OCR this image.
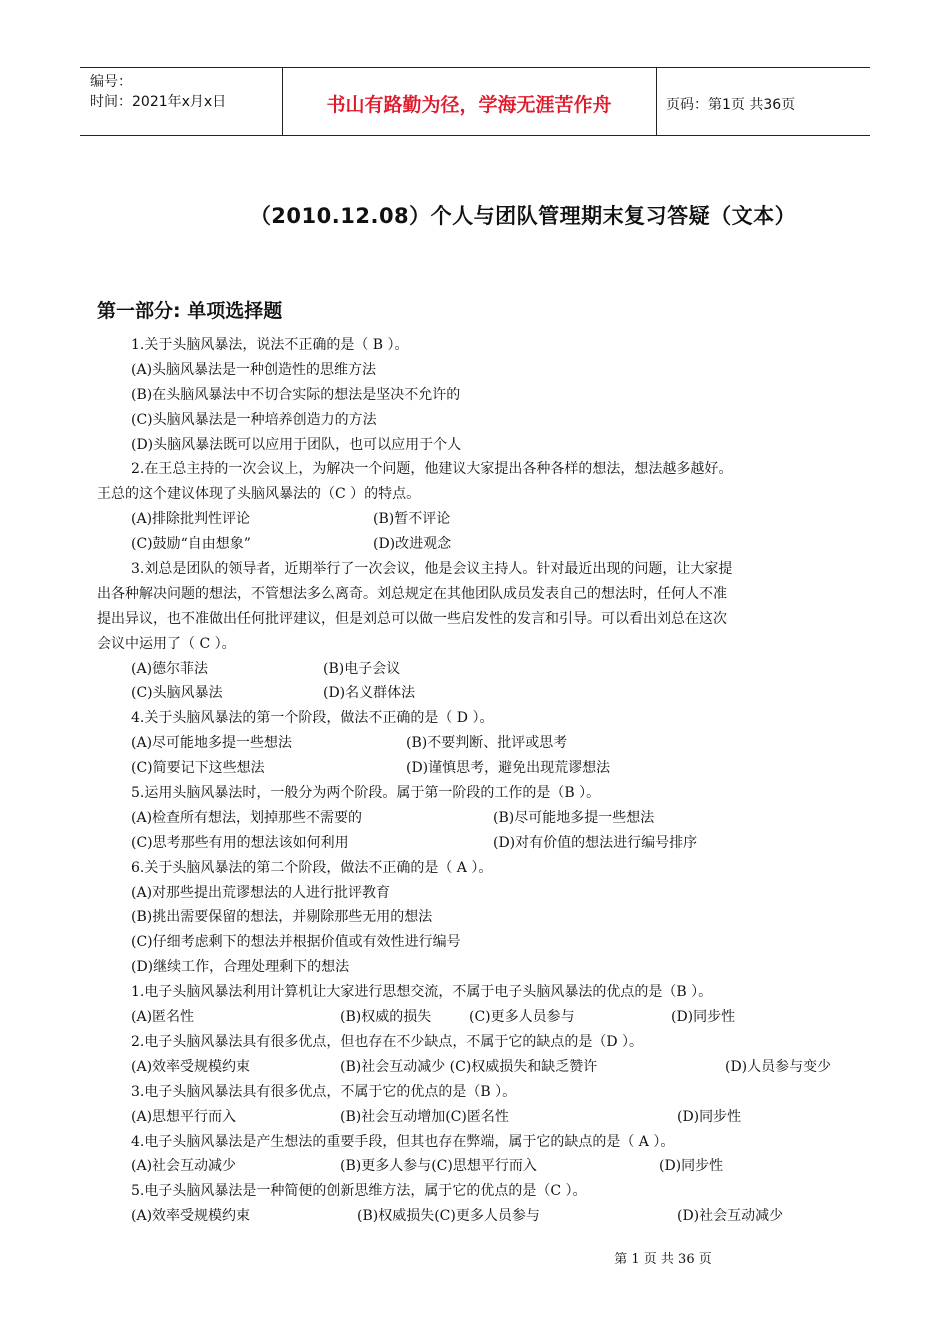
编号：
时间：2021年x月x日	书山有路勤为径，学海无涯苦作舟	页码：第1页 共36页
（2010.12.08）个人与团队管理期末复习答疑（文本）
第一部分: 单项选择题
1.关于头脑风暴法，说法不正确的是（ B ）。
(A)头脑风暴法是一种创造性的思维方法
(B)在头脑风暴法中不切合实际的想法是坚决不允许的
(C)头脑风暴法是一种培养创造力的方法
(D)头脑风暴法既可以应用于团队，也可以应用于个人
2.在王总主持的一次会议上，为解决一个问题，他建议大家提出各种各样的想法，想法越多越好。
王总的这个建议体现了头脑风暴法的（C ）的特点。
(A)排除批判性评论	(B)暂不评论
(C)鼓励“自由想象”	(D)改进观念
3.刘总是团队的领导者，近期举行了一次会议，他是会议主持人。针对最近出现的问题，让大家提
出各种解决问题的想法，不管想法多么离奇。刘总规定在其他团队成员发表自己的想法时，任何人不准
提出异议，也不准做出任何批评建议，但是刘总可以做一些启发性的发言和引导。可以看出刘总在这次
会议中运用了（ C ）。
(A)德尔菲法	(B)电子会议
(C)头脑风暴法	(D)名义群体法
4.关于头脑风暴法的第一个阶段，做法不正确的是（ D ）。
(A)尽可能地多提一些想法	(B)不要判断、批评或思考
(C)简要记下这些想法	(D)谨慎思考，避免出现荒谬想法
5.运用头脑风暴法时，一般分为两个阶段。属于第一阶段的工作的是（B ）。
(A)检查所有想法，划掉那些不需要的	(B)尽可能地多提一些想法
(C)思考那些有用的想法该如何利用	(D)对有价值的想法进行编号排序
6.关于头脑风暴法的第二个阶段，做法不正确的是（ A ）。
(A)对那些提出荒谬想法的人进行批评教育
(B)挑出需要保留的想法，并剔除那些无用的想法
(C)仔细考虑剩下的想法并根据价值或有效性进行编号
(D)继续工作，合理处理剩下的想法
1.电子头脑风暴法利用计算机让大家进行思想交流，不属于电子头脑风暴法的优点的是（B ）。
(A)匿名性	(B)权威的损失	(C)更多人员参与	(D)同步性
2.电子头脑风暴法具有很多优点，但也存在不少缺点，不属于它的缺点的是（D ）。
(A)效率受规模约束	(B)社会互动减少 (C)权威损失和缺乏赞许	(D)人员参与变少
3.电子头脑风暴法具有很多优点，不属于它的优点的是（B ）。
(A)思想平行而入	(B)社会互动增加(C)匿名性	(D)同步性
4.电子头脑风暴法是产生想法的重要手段，但其也存在弊端，属于它的缺点的是（ A ）。
(A)社会互动减少	(B)更多人参与(C)思想平行而入	(D)同步性
5.电子头脑风暴法是一种简便的创新思维方法，属于它的优点的是（C ）。
(A)效率受规模约束	(B)权威损失(C)更多人员参与	(D)社会互动减少
第 1 页 共 36 页
